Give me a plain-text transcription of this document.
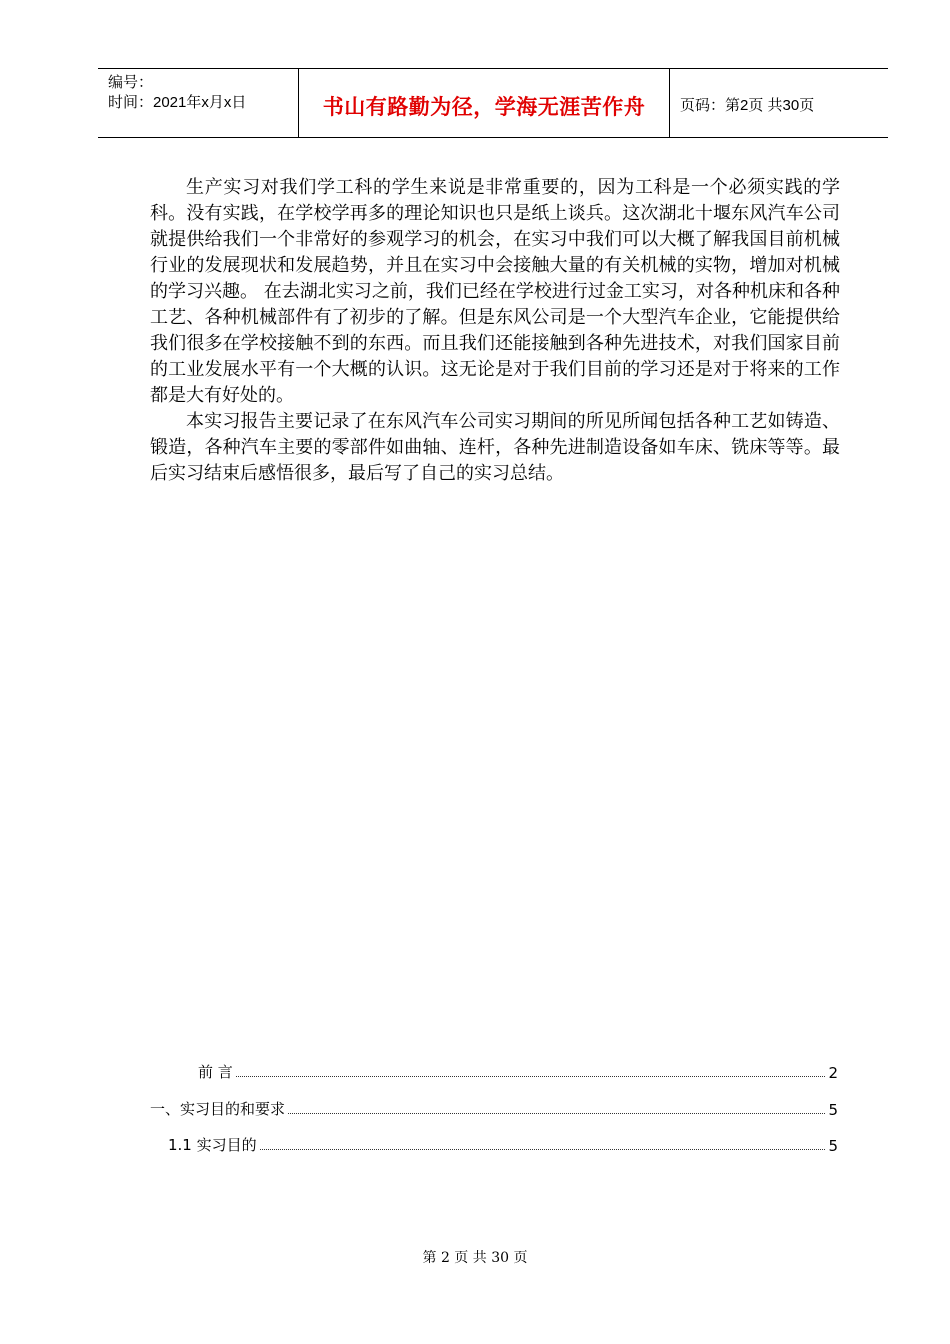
编号：
时间：2021年x月x日	书山有路勤为径，学海无涯苦作舟	页码：第2页 共30页

生产实习对我们学工科的学生来说是非常重要的，因为工科是一个必须实践的学科。没有实践，在学校学再多的理论知识也只是纸上谈兵。这次湖北十堰东风汽车公司就提供给我们一个非常好的参观学习的机会，在实习中我们可以大概了解我国目前机械行业的发展现状和发展趋势，并且在实习中会接触大量的有关机械的实物，增加对机械的学习兴趣。 在去湖北实习之前，我们已经在学校进行过金工实习，对各种机床和各种工艺、各种机械部件有了初步的了解。但是东风公司是一个大型汽车企业，它能提供给我们很多在学校接触不到的东西。而且我们还能接触到各种先进技术，对我们国家目前的工业发展水平有一个大概的认识。这无论是对于我们目前的学习还是对于将来的工作都是大有好处的。

本实习报告主要记录了在东风汽车公司实习期间的所见所闻包括各种工艺如铸造、锻造，各种汽车主要的零部件如曲轴、连杆，各种先进制造设备如车床、铣床等等。最后实习结束后感悟很多，最后写了自己的实习总结。

前 言	2
一、实习目的和要求	5
1.1 实习目的	5
第 2 页 共 30 页
